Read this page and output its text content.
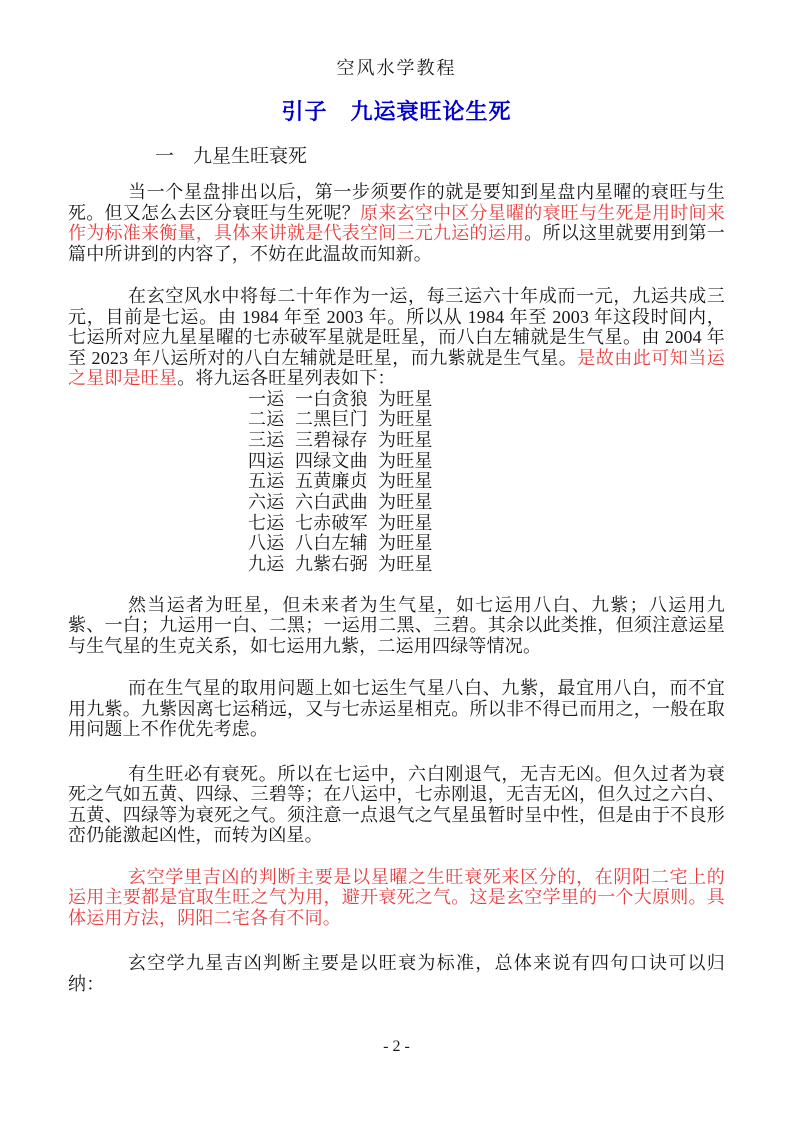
空风水学教程
引子　九运衰旺论生死
一　九星生旺衰死

当一个星盘排出以后，第一步须要作的就是要知到星盘内星曜的衰旺与生死。但又怎么去区分衰旺与生死呢？原来玄空中区分星曜的衰旺与生死是用时间来作为标准来衡量，具体来讲就是代表空间三元九运的运用。所以这里就要用到第一篇中所讲到的内容了，不妨在此温故而知新。

在玄空风水中将每二十年作为一运，每三运六十年成而一元，九运共成三元，目前是七运。由 1984 年至 2003 年。所以从 1984 年至 2003 年这段时间内，七运所对应九星星曜的七赤破军星就是旺星，而八白左辅就是生气星。由 2004 年至 2023 年八运所对的八白左辅就是旺星，而九紫就是生气星。是故由此可知当运之星即是旺星。将九运各旺星列表如下：

一运 一白贪狼 为旺星
二运 二黑巨门 为旺星
三运 三碧禄存 为旺星
四运 四绿文曲 为旺星
五运 五黄廉贞 为旺星
六运 六白武曲 为旺星
七运 七赤破军 为旺星
八运 八白左辅 为旺星
九运 九紫右弼 为旺星

然当运者为旺星，但未来者为生气星，如七运用八白、九紫；八运用九紫、一白；九运用一白、二黑；一运用二黑、三碧。其余以此类推，但须注意运星与生气星的生克关系，如七运用九紫，二运用四绿等情况。

而在生气星的取用问题上如七运生气星八白、九紫，最宜用八白，而不宜用九紫。九紫因离七运稍远，又与七赤运星相克。所以非不得已而用之，一般在取用问题上不作优先考虑。

有生旺必有衰死。所以在七运中，六白刚退气，无吉无凶。但久过者为衰死之气如五黄、四绿、三碧等；在八运中，七赤刚退，无吉无凶，但久过之六白、五黄、四绿等为衰死之气。须注意一点退气之气星虽暂时呈中性，但是由于不良形峦仍能激起凶性，而转为凶星。

玄空学里吉凶的判断主要是以星曜之生旺衰死来区分的，在阴阳二宅上的运用主要都是宜取生旺之气为用，避开衰死之气。这是玄空学里的一个大原则。具体运用方法，阴阳二宅各有不同。

玄空学九星吉凶判断主要是以旺衰为标准，总体来说有四句口诀可以归纳：

- 2 -
